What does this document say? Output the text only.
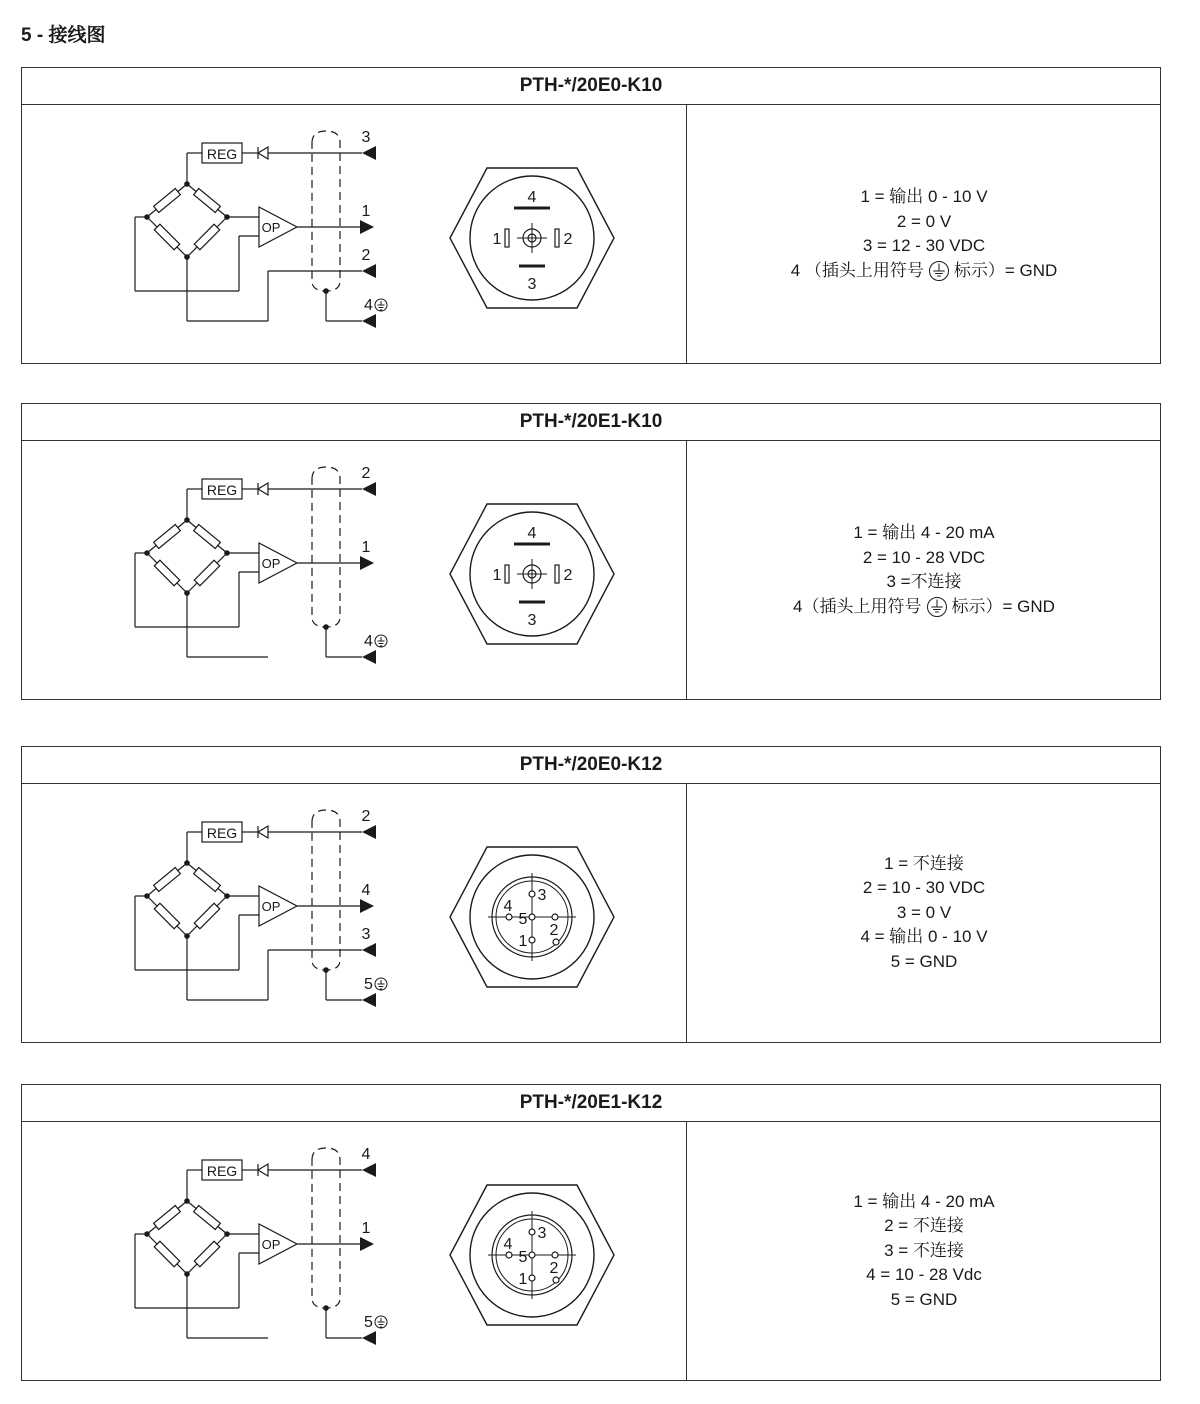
5 - 接线图
PTH-*/20E0-K10
REG
OP
3
1
2
4
4
1	2
3
1 = 输出 0 - 10 V
2 = 0 V
3 = 12 - 30 VDC
4 （插头上用符号 标示）= GND
PTH-*/20E1-K10
REG
OP
2
1
4
4
1	2
3
1 = 输出 4 - 20 mA
2 = 10 - 28 VDC
3 =不连接
4（插头上用符号 标示）= GND
PTH-*/20E0-K12
REG
OP
2
4
3
5
3
4
5
2
1
1 = 不连接
2 = 10 - 30 VDC
3 = 0 V
4 = 输出 0 - 10 V
5 = GND
PTH-*/20E1-K12
REG
OP
4
1
5
3
4
5
2
1
1 = 输出 4 - 20 mA
2 = 不连接
3 = 不连接
4 = 10 - 28 Vdc
5 = GND
